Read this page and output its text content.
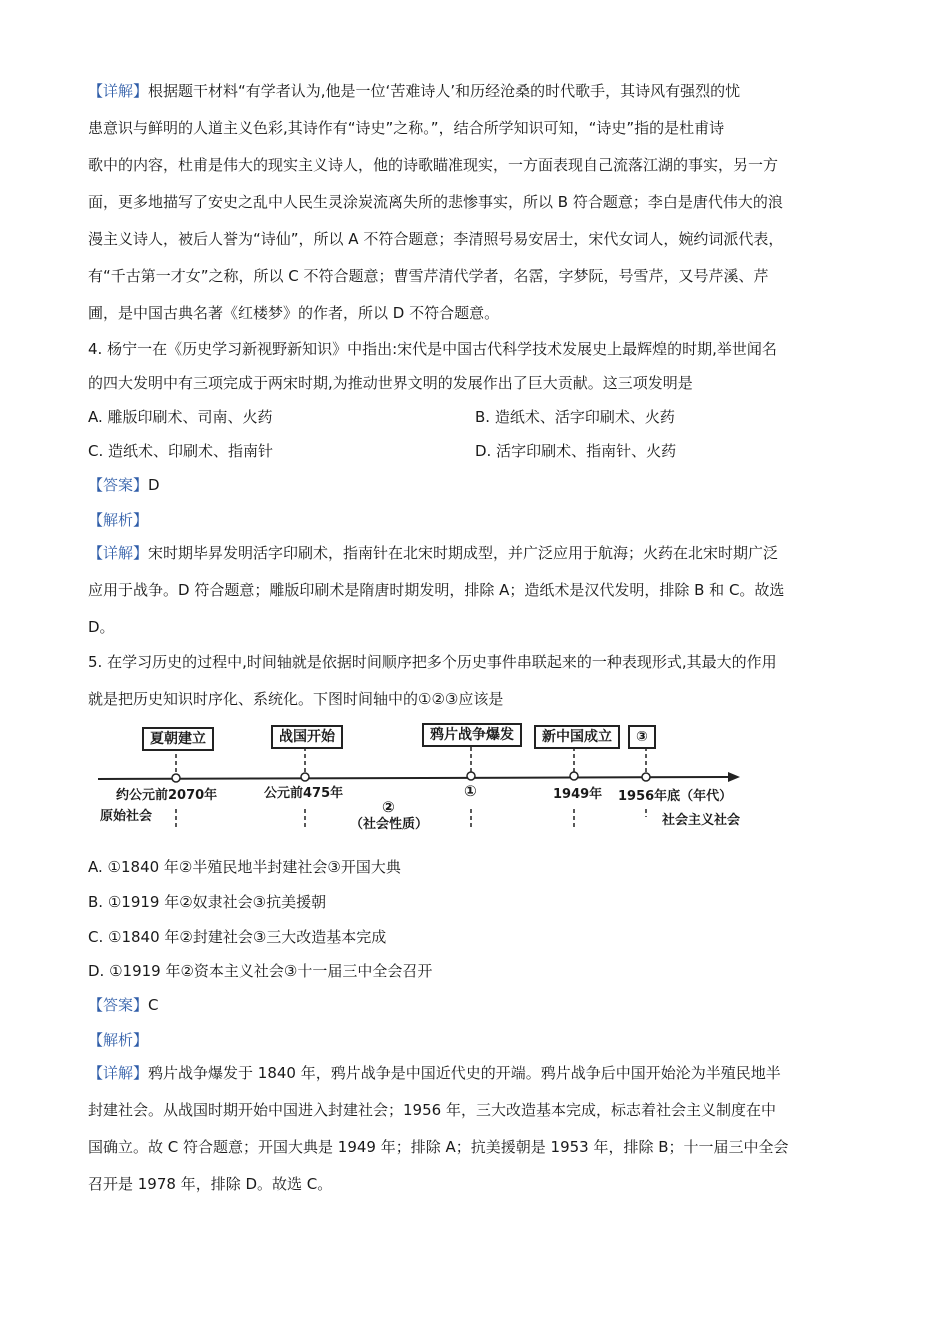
【详解】根据题干材料“有学者认为,他是一位‘苦难诗人’和历经沧桑的时代歌手，其诗风有强烈的忧
患意识与鲜明的人道主义色彩,其诗作有“诗史”之称。”，结合所学知识可知，“诗史”指的是杜甫诗
歌中的内容，杜甫是伟大的现实主义诗人，他的诗歌瞄准现实，一方面表现自己流落江湖的事实，另一方
面，更多地描写了安史之乱中人民生灵涂炭流离失所的悲惨事实，所以 B 符合题意；李白是唐代伟大的浪
漫主义诗人，被后人誉为“诗仙”，所以 A 不符合题意；李清照号易安居士，宋代女词人，婉约词派代表，
有“千古第一才女”之称，所以 C 不符合题意；曹雪芹清代学者，名霑，字梦阮，号雪芹，又号芹溪、芹
圃，是中国古典名著《红楼梦》的作者，所以 D 不符合题意。
4. 杨宁一在《历史学习新视野新知识》中指出:宋代是中国古代科学技术发展史上最辉煌的时期,举世闻名
的四大发明中有三项完成于两宋时期,为推动世界文明的发展作出了巨大贡献。这三项发明是
A. 雕版印刷术、司南、火药	B. 造纸术、活字印刷术、火药
C. 造纸术、印刷术、指南针	D. 活字印刷术、指南针、火药
【答案】D
【解析】
【详解】宋时期毕昇发明活字印刷术，指南针在北宋时期成型，并广泛应用于航海；火药在北宋时期广泛
应用于战争。D 符合题意；雕版印刷术是隋唐时期发明，排除 A；造纸术是汉代发明，排除 B 和 C。故选
D。
5. 在学习历史的过程中,时间轴就是依据时间顺序把多个历史事件串联起来的一种表现形式,其最大的作用
就是把历史知识时序化、系统化。下图时间轴中的①②③应该是
夏朝建立	战国开始	鸦片战争爆发	新中国成立	③
约公元前2070年	公元前475年	①	1949年 1956年底（年代）
②
（社会性质）
原始社会	社会主义社会
A. ①1840 年②半殖民地半封建社会③开国大典
B. ①1919 年②奴隶社会③抗美援朝
C. ①1840 年②封建社会③三大改造基本完成
D. ①1919 年②资本主义社会③十一届三中全会召开
【答案】C
【解析】
【详解】鸦片战争爆发于 1840 年，鸦片战争是中国近代史的开端。鸦片战争后中国开始沦为半殖民地半
封建社会。从战国时期开始中国进入封建社会；1956 年，三大改造基本完成，标志着社会主义制度在中
国确立。故 C 符合题意；开国大典是 1949 年；排除 A；抗美援朝是 1953 年，排除 B；十一届三中全会
召开是 1978 年，排除 D。故选 C。
